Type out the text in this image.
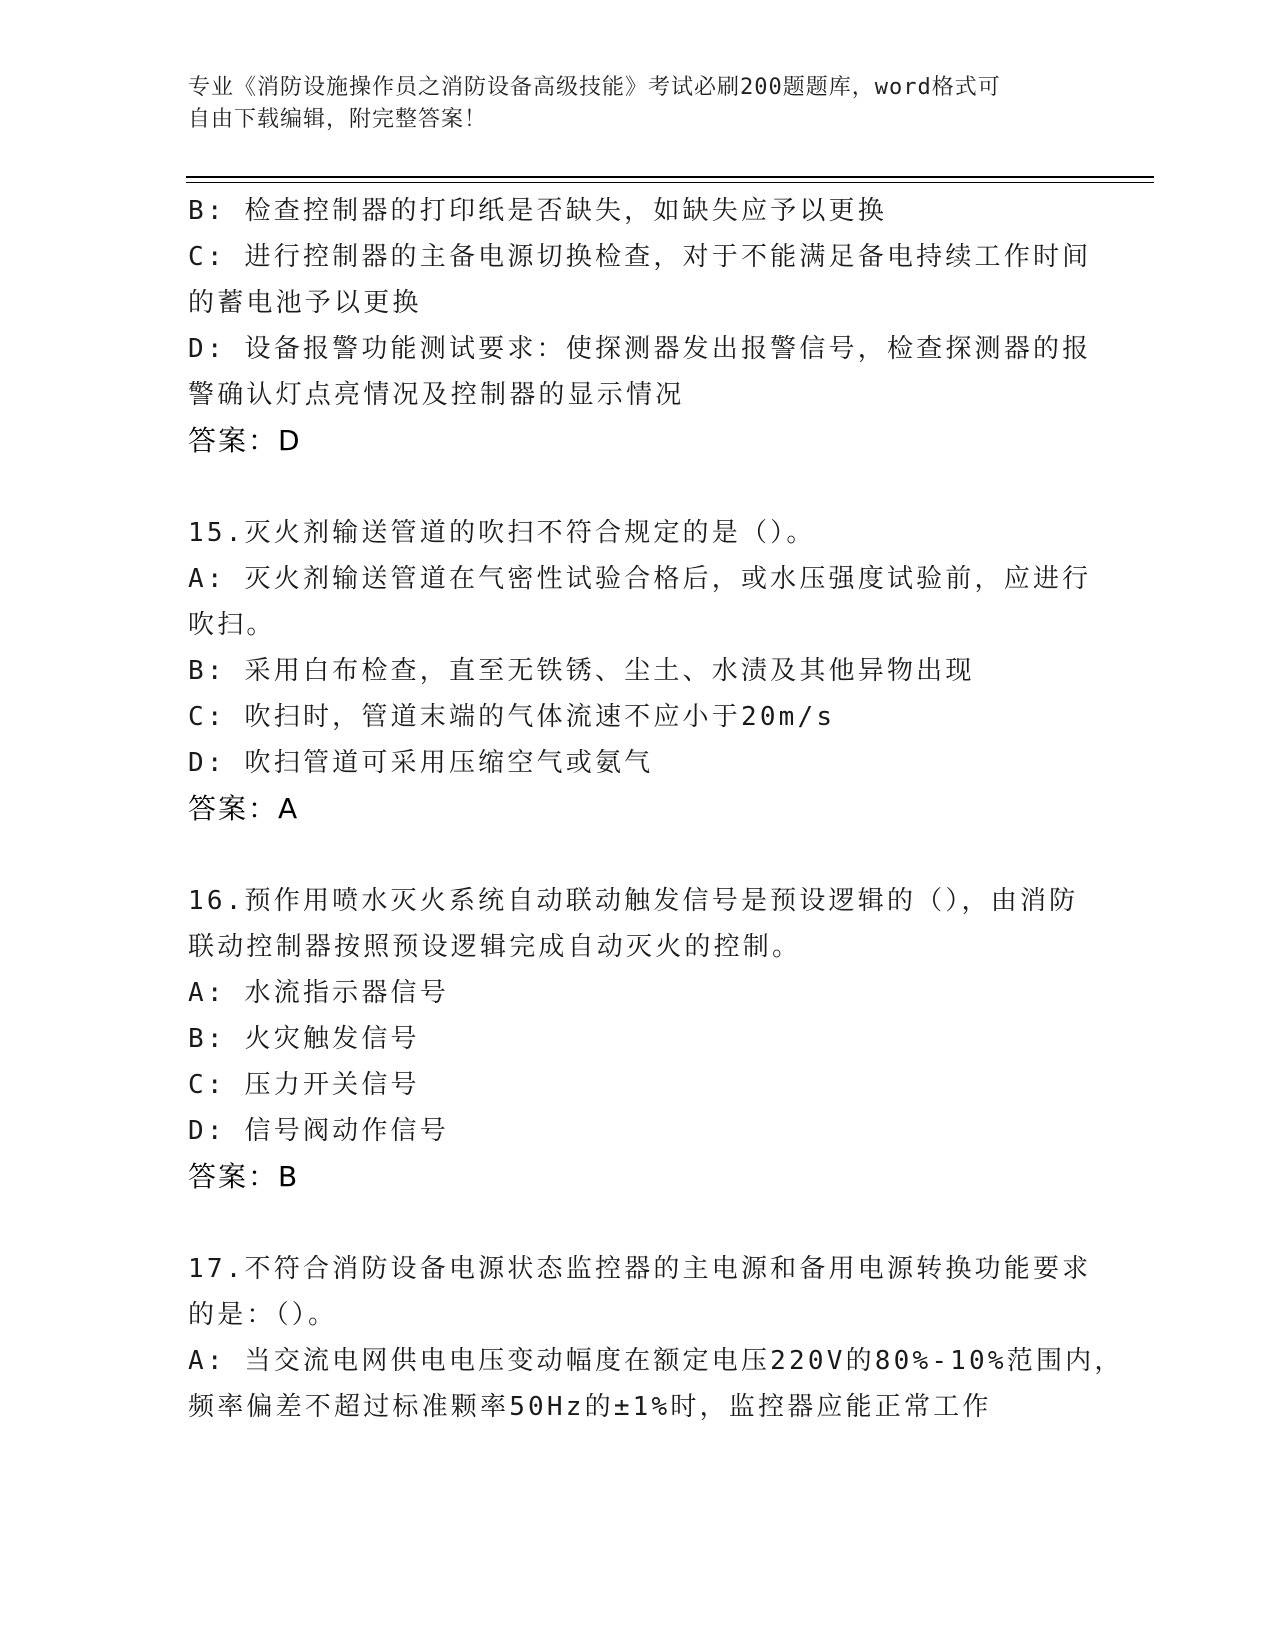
专业《消防设施操作员之消防设备高级技能》考试必刷200题题库，word格式可
自由下载编辑，附完整答案！
B: 检查控制器的打印纸是否缺失，如缺失应予以更换
C: 进行控制器的主备电源切换检查，对于不能满足备电持续工作时间
的蓄电池予以更换
D: 设备报警功能测试要求：使探测器发出报警信号，检查探测器的报
警确认灯点亮情况及控制器的显示情况
答案：D
15.灭火剂输送管道的吹扫不符合规定的是（）。
A: 灭火剂输送管道在气密性试验合格后，或水压强度试验前，应进行
吹扫。
B: 采用白布检查，直至无铁锈、尘土、水渍及其他异物出现
C: 吹扫时，管道末端的气体流速不应小于20m/s
D: 吹扫管道可采用压缩空气或氨气
答案：A
16.预作用喷水灭火系统自动联动触发信号是预设逻辑的（），由消防
联动控制器按照预设逻辑完成自动灭火的控制。
A: 水流指示器信号
B: 火灾触发信号
C: 压力开关信号
D: 信号阀动作信号
答案：B
17.不符合消防设备电源状态监控器的主电源和备用电源转换功能要求
的是：（）。
A: 当交流电网供电电压变动幅度在额定电压220V的80%-10%范围内，
频率偏差不超过标准颗率50Hz的±1%时，监控器应能正常工作
